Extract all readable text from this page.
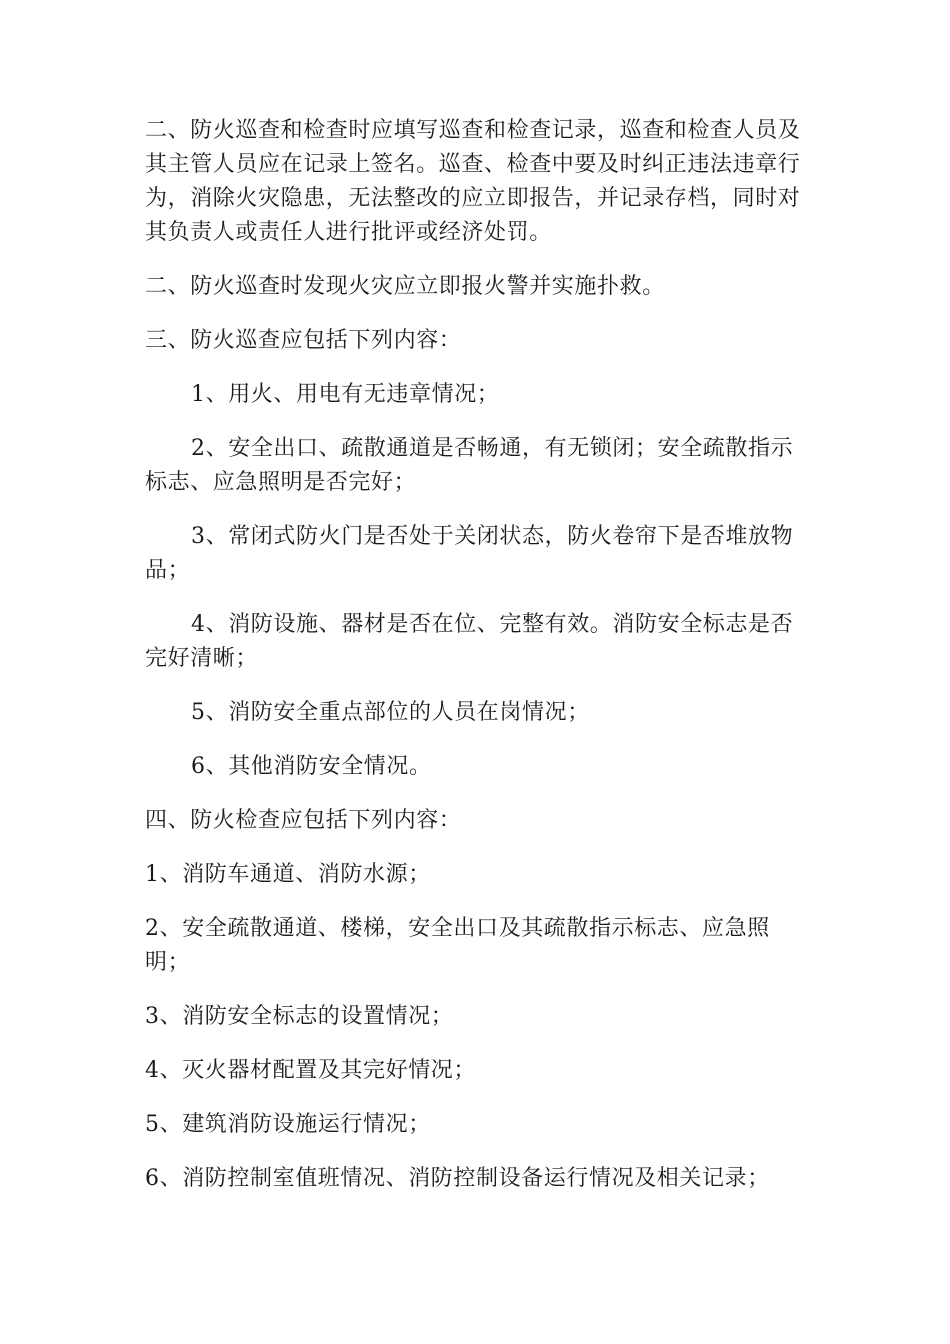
二、防火巡查和检查时应填写巡查和检查记录，巡查和检查人员及其主管人员应在记录上签名。巡查、检查中要及时纠正违法违章行为，消除火灾隐患，无法整改的应立即报告，并记录存档，同时对其负责人或责任人进行批评或经济处罚。

二、防火巡查时发现火灾应立即报火警并实施扑救。

三、防火巡查应包括下列内容：

1、用火、用电有无违章情况；

2、安全出口、疏散通道是否畅通，有无锁闭；安全疏散指示标志、应急照明是否完好；

3、常闭式防火门是否处于关闭状态，防火卷帘下是否堆放物品；

4、消防设施、器材是否在位、完整有效。消防安全标志是否完好清晰；

5、消防安全重点部位的人员在岗情况；

6、其他消防安全情况。

四、防火检查应包括下列内容：

1、消防车通道、消防水源；

2、安全疏散通道、楼梯，安全出口及其疏散指示标志、应急照明；

3、消防安全标志的设置情况；

4、灭火器材配置及其完好情况；

5、建筑消防设施运行情况；

6、消防控制室值班情况、消防控制设备运行情况及相关记录；
